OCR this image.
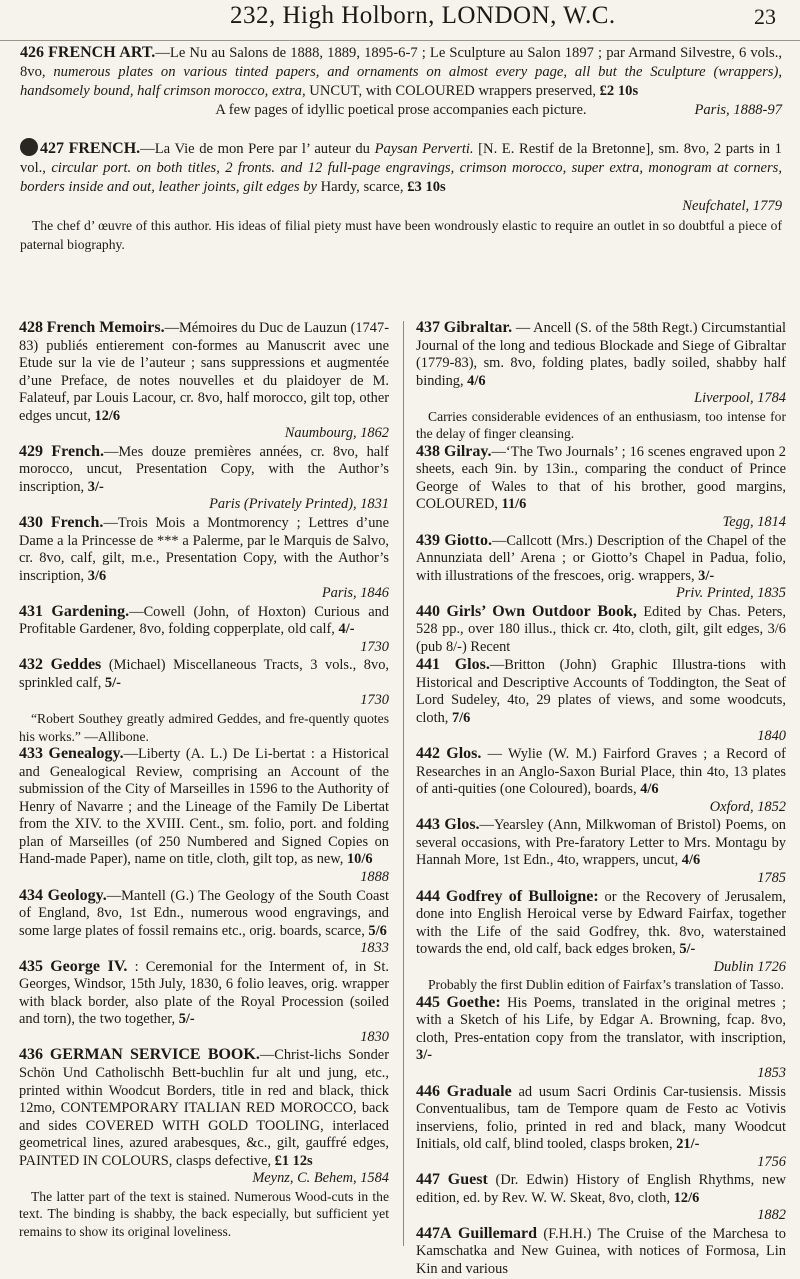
232, High Holborn, LONDON, W.C.	23

426 FRENCH ART.—Le Nu au Salons de 1888, 1889, 1895-6-7 ; Le Sculpture au Salon 1897 ; par Armand Silvestre, 6 vols., 8vo, numerous plates on various tinted papers, and ornaments on almost every page, all but the Sculpture (wrappers), handsomely bound, half crimson morocco, extra, UNCUT, with COLOURED wrappers preserved, £2 10s
Paris, 1888-97

A few pages of idyllic poetical prose accompanies each picture.

427 FRENCH.—La Vie de mon Pere par l’ auteur du Paysan Perverti. [N. E. Restif de la Bretonne], sm. 8vo, 2 parts in 1 vol., circular port. on both titles, 2 fronts. and 12 full-page engravings, crimson morocco, super extra, monogram at corners, borders inside and out, leather joints, gilt edges by Hardy, scarce, £3 10s
Neufchatel, 1779

The chef d’ œuvre of this author. His ideas of filial piety must have been wondrously elastic to require an outlet in so doubtful a piece of paternal biography.

428 French Memoirs.—Mémoires du Duc de Lauzun (1747-83) publiés entierement con-formes au Manuscrit avec une Etude sur la vie de l’auteur ; sans suppressions et augmentée d’une Preface, de notes nouvelles et du plaidoyer de M. Falateuf, par Louis Lacour, cr. 8vo, half morocco, gilt top, other edges uncut, 12/6
Naumbourg, 1862

429 French.—Mes douze premières années, cr. 8vo, half morocco, uncut, Presentation Copy, with the Author’s inscription, 3/-
Paris (Privately Printed), 1831

430 French.—Trois Mois a Montmorency ; Lettres d’une Dame a la Princesse de *** a Palerme, par le Marquis de Salvo, cr. 8vo, calf, gilt, m.e., Presentation Copy, with the Author’s inscription, 3/6
Paris, 1846

431 Gardening.—Cowell (John, of Hoxton) Curious and Profitable Gardener, 8vo, folding copperplate, old calf, 4/-
1730

432 Geddes (Michael) Miscellaneous Tracts, 3 vols., 8vo, sprinkled calf, 5/-
1730

“Robert Southey greatly admired Geddes, and fre-quently quotes his works.” —Allibone.

433 Genealogy.—Liberty (A. L.) De Li-bertat : a Historical and Genealogical Review, comprising an Account of the submission of the City of Marseilles in 1596 to the Authority of Henry of Navarre ; and the Lineage of the Family De Libertat from the XIV. to the XVIII. Cent., sm. folio, port. and folding plan of Marseilles (of 250 Numbered and Signed Copies on Hand-made Paper), name on title, cloth, gilt top, as new, 10/6
1888

434 Geology.—Mantell (G.) The Geology of the South Coast of England, 8vo, 1st Edn., numerous wood engravings, and some large plates of fossil remains etc., orig. boards, scarce, 5/6
1833

435 George IV. : Ceremonial for the Interment of, in St. Georges, Windsor, 15th July, 1830, 6 folio leaves, orig. wrapper with black border, also plate of the Royal Procession (soiled and torn), the two together, 5/-
1830

436 GERMAN SERVICE BOOK.—Christ-lichs Sonder Schön Und Catholischh Bett-buchlin fur alt und jung, etc., printed within Woodcut Borders, title in red and black, thick 12mo, CONTEMPORARY ITALIAN RED MOROCCO, back and sides COVERED WITH GOLD TOOLING, interlaced geometrical lines, azured arabesques, &c., gilt, gauffré edges, PAINTED IN COLOURS, clasps defective, £1 12s
Meynz, C. Behem, 1584

The latter part of the text is stained. Numerous Wood-cuts in the text. The binding is shabby, the back especially, but sufficient yet remains to show its original loveliness.

437 Gibraltar. — Ancell (S. of the 58th Regt.) Circumstantial Journal of the long and tedious Blockade and Siege of Gibraltar (1779-83), sm. 8vo, folding plates, badly soiled, shabby half binding, 4/6
Liverpool, 1784

Carries considerable evidences of an enthusiasm, too intense for the delay of finger cleansing.

438 Gilray.—‘The Two Journals’ ; 16 scenes engraved upon 2 sheets, each 9in. by 13in., comparing the conduct of Prince George of Wales to that of his brother, good margins, COLOURED, 11/6
Tegg, 1814

439 Giotto.—Callcott (Mrs.) Description of the Chapel of the Annunziata dell’ Arena ; or Giotto’s Chapel in Padua, folio, with illustrations of the frescoes, orig. wrappers, 3/-
Priv. Printed, 1835

440 Girls’ Own Outdoor Book, Edited by Chas. Peters, 528 pp., over 180 illus., thick cr. 4to, cloth, gilt, gilt edges, 3/6 (pub 8/-) Recent

441 Glos.—Britton (John) Graphic Illustra-tions with Historical and Descriptive Accounts of Toddington, the Seat of Lord Sudeley, 4to, 29 plates of views, and some woodcuts, cloth, 7/6
1840

442 Glos. — Wylie (W. M.) Fairford Graves ; a Record of Researches in an Anglo-Saxon Burial Place, thin 4to, 13 plates of anti-quities (one Coloured), boards, 4/6
Oxford, 1852

443 Glos.—Yearsley (Ann, Milkwoman of Bristol) Poems, on several occasions, with Pre-faratory Letter to Mrs. Montagu by Hannah More, 1st Edn., 4to, wrappers, uncut, 4/6
1785

444 Godfrey of Bulloigne: or the Recovery of Jerusalem, done into English Heroical verse by Edward Fairfax, together with the Life of the said Godfrey, thk. 8vo, waterstained towards the end, old calf, back edges broken, 5/-
Dublin 1726

Probably the first Dublin edition of Fairfax’s translation of Tasso.

445 Goethe: His Poems, translated in the original metres ; with a Sketch of his Life, by Edgar A. Browning, fcap. 8vo, cloth, Pres-entation copy from the translator, with inscription, 3/-
1853

446 Graduale ad usum Sacri Ordinis Car-tusiensis. Missis Conventualibus, tam de Tempore quam de Festo ac Votivis inserviens, folio, printed in red and black, many Woodcut Initials, old calf, blind tooled, clasps broken, 21/-
1756

447 Guest (Dr. Edwin) History of English Rhythms, new edition, ed. by Rev. W. W. Skeat, 8vo, cloth, 12/6
1882

447A Guillemard (F.H.H.) The Cruise of the Marchesa to Kamschatka and New Guinea, with notices of Formosa, Lin Kin and various
